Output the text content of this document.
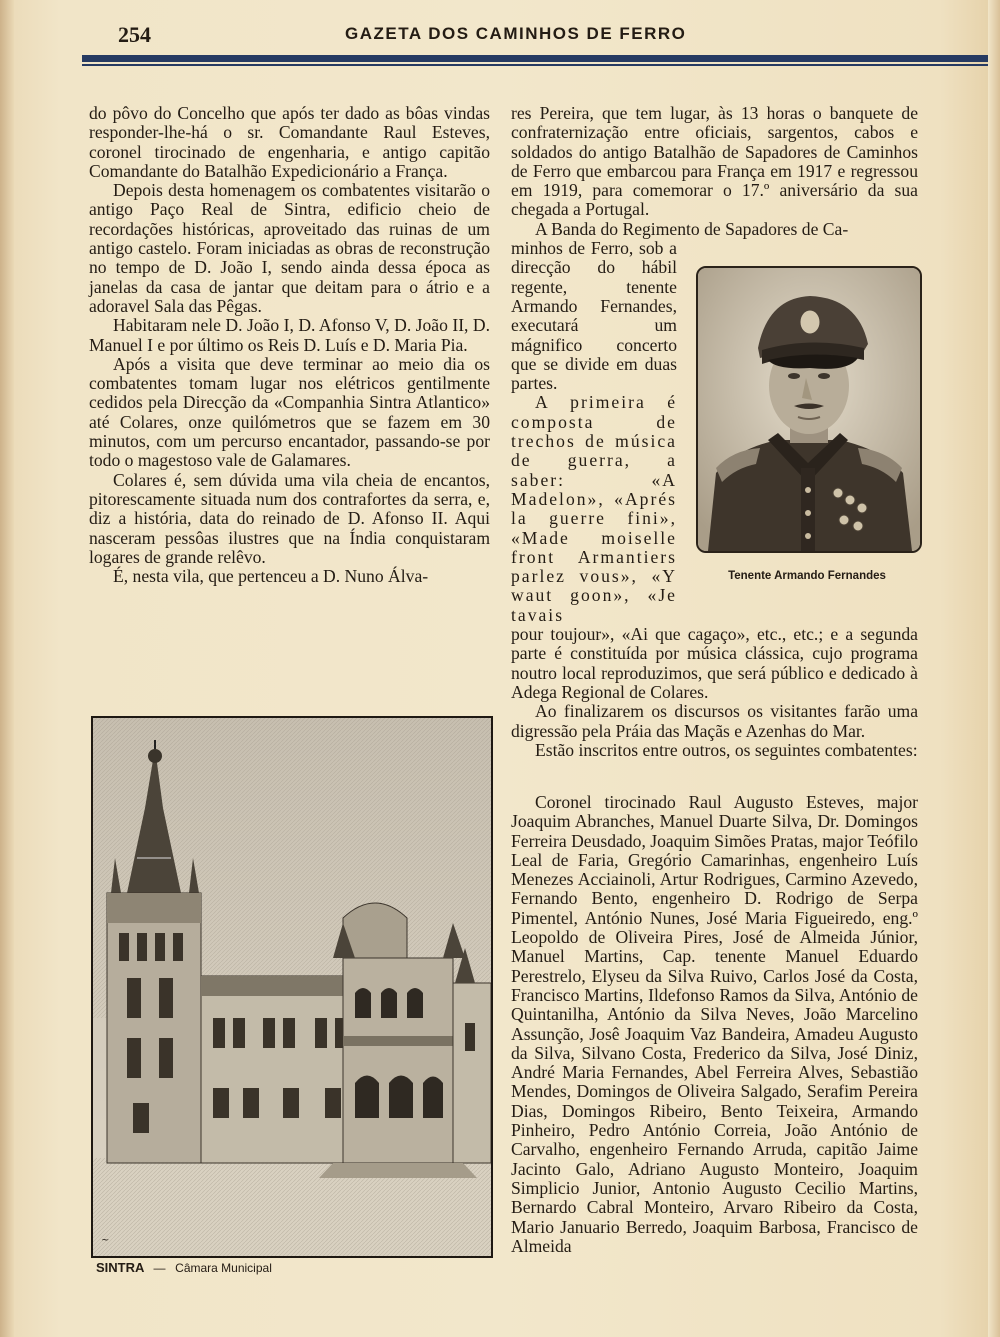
254	GAZETA DOS CAMINHOS DE FERRO

do pôvo do Concelho que após ter dado as bôas vindas responder-lhe-há o sr. Comandante Raul Esteves, coronel tirocinado de engenharia, e antigo capitão Comandante do Batalhão Expedicionário a França.

Depois desta homenagem os combatentes visitarão o antigo Paço Real de Sintra, edificio cheio de recordações históricas, aproveitado das ruinas de um antigo castelo. Foram iniciadas as obras de reconstrução no tempo de D. João I, sendo ainda dessa época as janelas da casa de jantar que deitam para o átrio e a adoravel Sala das Pêgas.

Habitaram nele D. João I, D. Afonso V, D. João II, D. Manuel I e por último os Reis D. Luís e D. Maria Pia.

Após a visita que deve terminar ao meio dia os combatentes tomam lugar nos elétricos gentilmente cedidos pela Direcção da «Companhia Sintra Atlantico» até Colares, onze quilómetros que se fazem em 30 minutos, com um percurso encantador, passando-se por todo o magestoso vale de Galamares.

Colares é, sem dúvida uma vila cheia de encantos, pitorescamente situada num dos contrafortes da serra, e, diz a história, data do reinado de D. Afonso II. Aqui nasceram pessôas ilustres que na Índia conquistaram logares de grande relêvo.

É, nesta vila, que pertenceu a D. Nuno Álva-

res Pereira, que tem lugar, às 13 horas o banquete de confraternização entre oficiais, sargentos, cabos e soldados do antigo Batalhão de Sapadores de Caminhos de Ferro que embarcou para França em 1917 e regressou em 1919, para comemorar o 17.º aniversário da sua chegada a Portugal.

A Banda do Regimento de Sapadores de Ca-

minhos de Ferro, sob a direcção do hábil regente, tenente Armando Fernandes, executará um mágnifico concerto que se divide em duas partes.

A primeira é composta de trechos de música de guerra, a saber: «A Madelon», «Aprés la guerre fini», «Made moiselle front Armantiers parlez vous», «Y waut goon», «Je tavais

pour toujour», «Ai que cagaço», etc., etc.; e a segunda parte é constituída por música clássica, cujo programa noutro local reproduzimos, que será público e dedicado à Adega Regional de Colares.

Ao finalizarem os discursos os visitantes farão uma digressão pela Práia das Maçãs e Azenhas do Mar.

Estão inscritos entre outros, os seguintes combatentes:

Coronel tirocinado Raul Augusto Esteves, major Joaquim Abranches, Manuel Duarte Silva, Dr. Domingos Ferreira Deusdado, Joaquim Simões Pratas, major Teófilo Leal de Faria, Gregório Camarinhas, engenheiro Luís Menezes Acciainoli, Artur Rodrigues, Carmino Azevedo, Fernando Bento, engenheiro D. Rodrigo de Serpa Pimentel, António Nunes, José Maria Figueiredo, eng.º Leopoldo de Oliveira Pires, José de Almeida Júnior, Manuel Martins, Cap. tenente Manuel Eduardo Perestrelo, Elyseu da Silva Ruivo, Carlos José da Costa, Francisco Martins, Ildefonso Ramos da Silva, António de Quintanilha, António da Silva Neves, João Marcelino Assunção, Josê Joaquim Vaz Bandeira, Amadeu Augusto da Silva, Silvano Costa, Frederico da Silva, José Diniz, André Maria Fernandes, Abel Ferreira Alves, Sebastião Mendes, Domingos de Oliveira Salgado, Serafim Pereira Dias, Domingos Ribeiro, Bento Teixeira, Armando Pinheiro, Pedro António Correia, João António de Carvalho, engenheiro Fernando Arruda, capitão Jaime Jacinto Galo, Adriano Augusto Monteiro, Joaquim Simplicio Junior, Antonio Augusto Cecilio Martins, Bernardo Cabral Monteiro, Arvaro Ribeiro da Costa, Mario Januario Berredo, Joaquim Barbosa, Francisco de Almeida
Tenente Armando Fernandes
~
SINTRA — Câmara Municipal
